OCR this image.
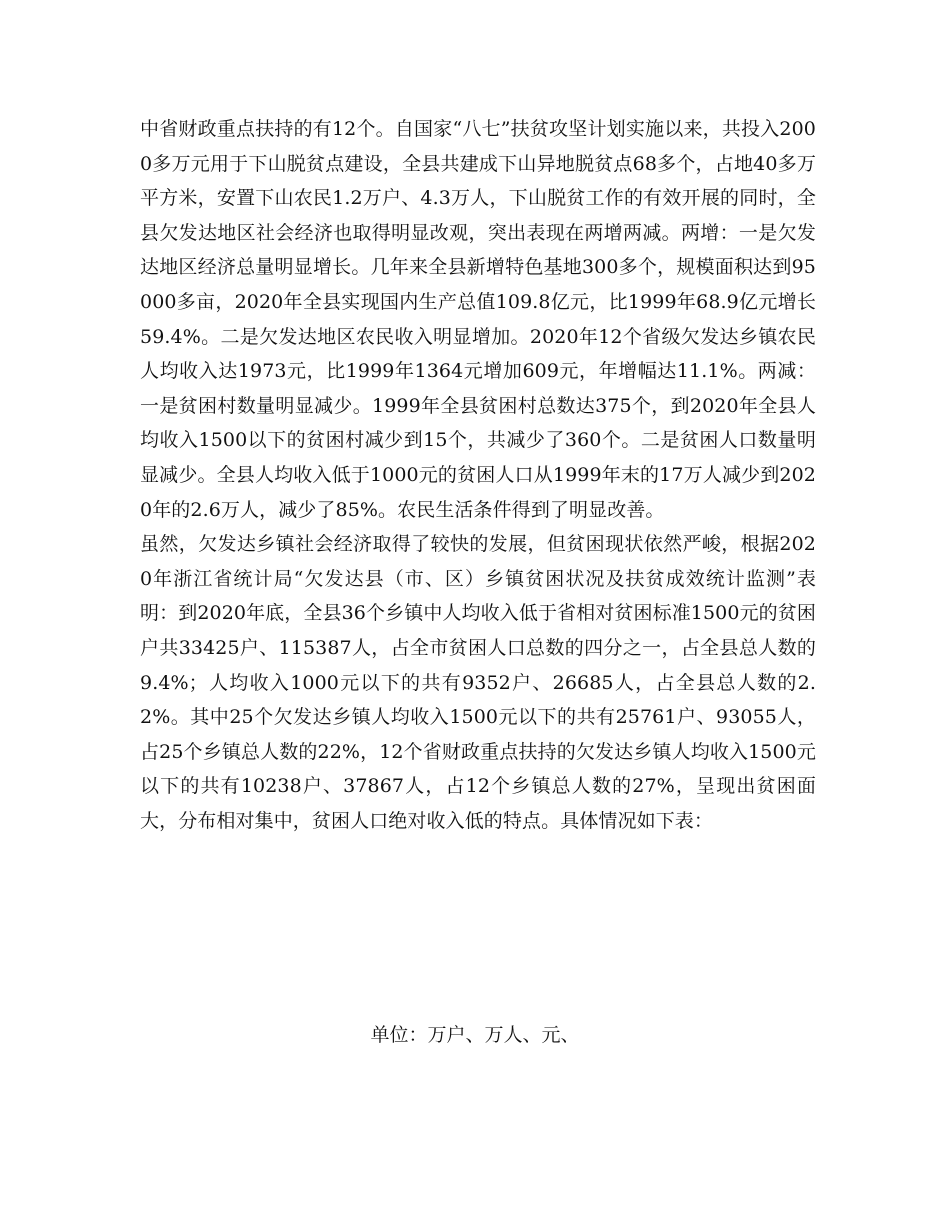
中省财政重点扶持的有12个。自国家“八七”扶贫攻坚计划实施以来，共投入2000多万元用于下山脱贫点建设，全县共建成下山异地脱贫点68多个，占地40多万平方米，安置下山农民1.2万户、4.3万人，下山脱贫工作的有效开展的同时，全县欠发达地区社会经济也取得明显改观，突出表现在两增两减。两增：一是欠发达地区经济总量明显增长。几年来全县新增特色基地300多个，规模面积达到95000多亩，2020年全县实现国内生产总值109.8亿元，比1999年68.9亿元增长59.4%。二是欠发达地区农民收入明显增加。2020年12个省级欠发达乡镇农民人均收入达1973元，比1999年1364元增加609元，年增幅达11.1%。两减：一是贫困村数量明显减少。1999年全县贫困村总数达375个，到2020年全县人均收入1500以下的贫困村减少到15个，共减少了360个。二是贫困人口数量明显减少。全县人均收入低于1000元的贫困人口从1999年末的17万人减少到2020年的2.6万人，减少了85%。农民生活条件得到了明显改善。

虽然，欠发达乡镇社会经济取得了较快的发展，但贫困现状依然严峻，根据2020年浙江省统计局“欠发达县（市、区）乡镇贫困状况及扶贫成效统计监测”表明：到2020年底，全县36个乡镇中人均收入低于省相对贫困标准1500元的贫困户共33425户、115387人，占全市贫困人口总数的四分之一，占全县总人数的9.4%；人均收入1000元以下的共有9352户、26685人，占全县总人数的2.2%。其中25个欠发达乡镇人均收入1500元以下的共有25761户、93055人，占25个乡镇总人数的22%，12个省财政重点扶持的欠发达乡镇人均收入1500元以下的共有10238户、37867人，占12个乡镇总人数的27%，呈现出贫困面大，分布相对集中，贫困人口绝对收入低的特点。具体情况如下表：

单位：万户、万人、元、
